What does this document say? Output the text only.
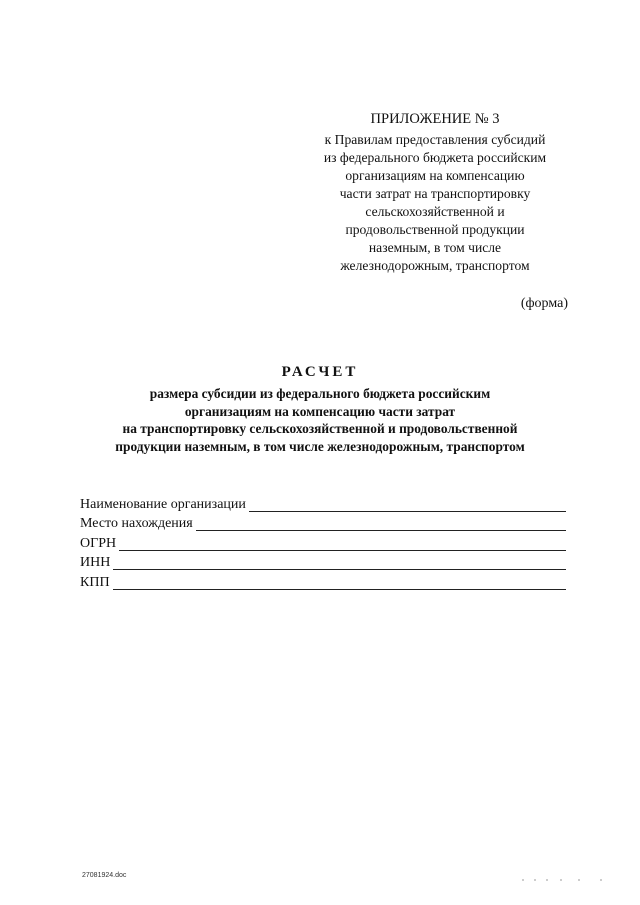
ПРИЛОЖЕНИЕ № 3
к Правилам предоставления субсидий
из федерального бюджета российским
организациям на компенсацию
части затрат на транспортировку
сельскохозяйственной и
продовольственной продукции
наземным, в том числе
железнодорожным, транспортом
(форма)
РАСЧЕТ
размера субсидии из федерального бюджета российским
организациям на компенсацию части затрат
на транспортировку сельскохозяйственной и продовольственной
продукции наземным, в том числе железнодорожным, транспортом
Наименование организации
Место нахождения
ОГРН
ИНН
КПП
27081924.doc
